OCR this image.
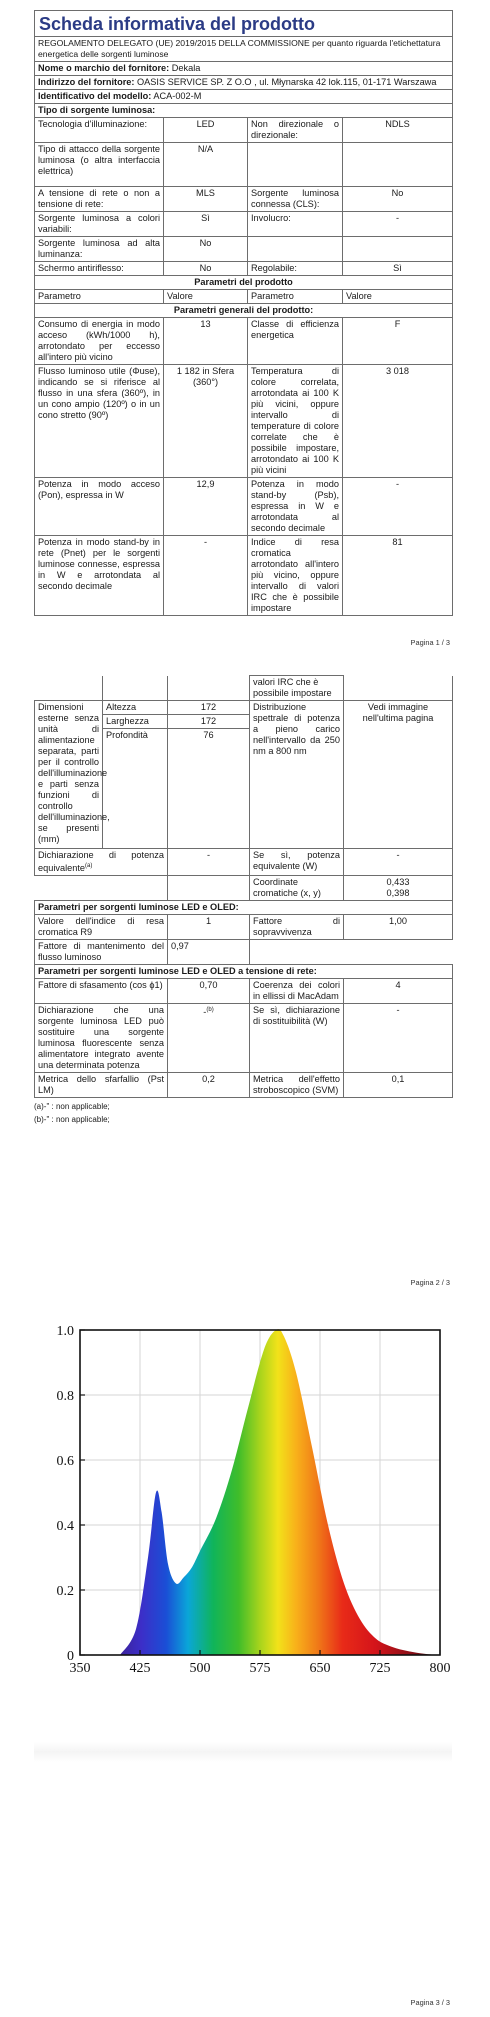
Scheda informativa del prodotto			
REGOLAMENTO DELEGATO (UE) 2019/2015 DELLA COMMISSIONE per quanto riguarda l'etichettatura energetica delle sorgenti luminose			
Nome o marchio del fornitore: Dekala			
Indirizzo del fornitore: OASIS SERVICE SP. Z O.O , ul. Młynarska 42 lok.115, 01-171 Warszawa			
Identificativo del modello: ACA-002-M			
Tipo di sorgente luminosa:			
Tecnologia d'illuminazione:	LED	Non direzionale o direzionale:	NDLS
Tipo di attacco della sorgente luminosa (o altra interfaccia elettrica)	N/A		
A tensione di rete o non a tensione di rete:	MLS	Sorgente luminosa connessa (CLS):	No
Sorgente luminosa a colori variabili:	Sì	Involucro:	-
Sorgente luminosa ad alta luminanza:	No		
Schermo antiriflesso:	No	Regolabile:	Sì
Parametri del prodotto			
Parametro	Valore	Parametro	Valore
Parametri generali del prodotto:			
Consumo di energia in modo acceso (kWh/1000 h), arrotondato per eccesso all'intero più vicino	13	Classe di efficienza energetica	F
Flusso luminoso utile (Φuse), indicando se si riferisce al flusso in una sfera (360º), in un cono ampio (120º) o in un cono stretto (90º)	1 182 in Sfera (360°)	Temperatura di colore correlata, arrotondata ai 100 K più vicini, oppure intervallo di temperature di colore correlate che è possibile impostare, arrotondato ai 100 K più vicini	3 018
Potenza in modo acceso (Pon), espressa in W	12,9	Potenza in modo stand-by (Psb), espressa in W e arrotondata al secondo decimale	-
Potenza in modo stand-by in rete (Pnet) per le sorgenti luminose connesse, espressa in W e arrotondata al secondo decimale	-	Indice di resa cromatica arrotondato all'intero più vicino, oppure intervallo di valori IRC che è possibile impostare	81
Pagina 1 / 3
			valori IRC che è possibile impostare	
Dimensioni esterne senza unità di alimentazione separata, parti per il controllo dell'illuminazione e parti senza funzioni di controllo dell'illuminazione, se presenti (mm)	Altezza	172	Distribuzione spettrale di potenza a pieno carico nell'intervallo da 250 nm a 800 nm	Vedi immagine nell'ultima pagina
	Larghezza	172		
	Profondità	76		
Dichiarazione di potenza equivalente$^{(a)}$		-	Se sì, potenza equivalente (W)	-
			Coordinate cromatiche (x, y)	0,433
0,398
Parametri per sorgenti luminose LED e OLED:				
Valore dell'indice di resa cromatica R9		1	Fattore di sopravvivenza	1,00
Fattore di mantenimento del flusso luminoso		0,97		
Parametri per sorgenti luminose LED e OLED a tensione di rete:				
Fattore di sfasamento (cos ϕ1)		0,70	Coerenza dei colori in ellissi di MacAdam	4
Dichiarazione che una sorgente luminosa LED può sostituire una sorgente luminosa fluorescente senza alimentatore integrato avente una determinata potenza		-$^{(b)}$	Se sì, dichiarazione di sostituibilità (W)	-
Metrica dello sfarfallio (Pst LM)		0,2	Metrica dell'effetto stroboscopico (SVM)	0,1
(a)-" : non applicable;
(b)-" : non applicable;
Pagina 2 / 3
350	425	500	575	650	725	800
0
0.2
0.4
0.6
0.8
1.0
Pagina 3 / 3
